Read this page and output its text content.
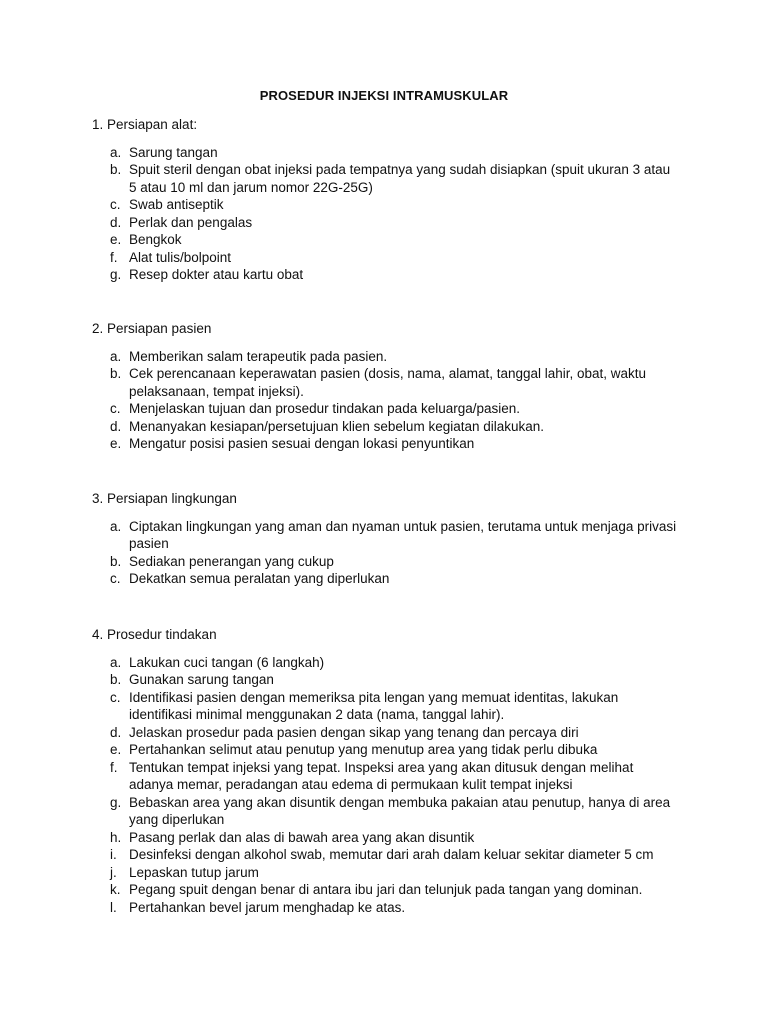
PROSEDUR INJEKSI INTRAMUSKULAR

1. Persiapan alat:

a. Sarung tangan
b. Spuit steril dengan obat injeksi pada tempatnya yang sudah disiapkan (spuit ukuran 3 atau 5 atau 10 ml dan jarum nomor 22G-25G)
c. Swab antiseptik
d. Perlak dan pengalas
e. Bengkok
f. Alat tulis/bolpoint
g. Resep dokter atau kartu obat

2. Persiapan pasien

a. Memberikan salam terapeutik pada pasien.
b. Cek perencanaan keperawatan pasien (dosis, nama, alamat, tanggal lahir, obat, waktu pelaksanaan, tempat injeksi).
c. Menjelaskan tujuan dan prosedur tindakan pada keluarga/pasien.
d. Menanyakan kesiapan/persetujuan klien sebelum kegiatan dilakukan.
e. Mengatur posisi pasien sesuai dengan lokasi penyuntikan

3. Persiapan lingkungan

a. Ciptakan lingkungan yang aman dan nyaman untuk pasien, terutama untuk menjaga privasi pasien
b. Sediakan penerangan yang cukup
c. Dekatkan semua peralatan yang diperlukan

4. Prosedur tindakan

a. Lakukan cuci tangan (6 langkah)
b. Gunakan sarung tangan
c. Identifikasi pasien dengan memeriksa pita lengan yang memuat identitas, lakukan identifikasi minimal menggunakan 2 data (nama, tanggal lahir).
d. Jelaskan prosedur pada pasien dengan sikap yang tenang dan percaya diri
e. Pertahankan selimut atau penutup yang menutup area yang tidak perlu dibuka
f. Tentukan tempat injeksi yang tepat. Inspeksi area yang akan ditusuk dengan melihat adanya memar, peradangan atau edema di permukaan kulit tempat injeksi
g. Bebaskan area yang akan disuntik dengan membuka pakaian atau penutup, hanya di area yang diperlukan
h. Pasang perlak dan alas di bawah area yang akan disuntik
i. Desinfeksi dengan alkohol swab, memutar dari arah dalam keluar sekitar diameter 5 cm
j. Lepaskan tutup jarum
k. Pegang spuit dengan benar di antara ibu jari dan telunjuk pada tangan yang dominan.
l. Pertahankan bevel jarum menghadap ke atas.
